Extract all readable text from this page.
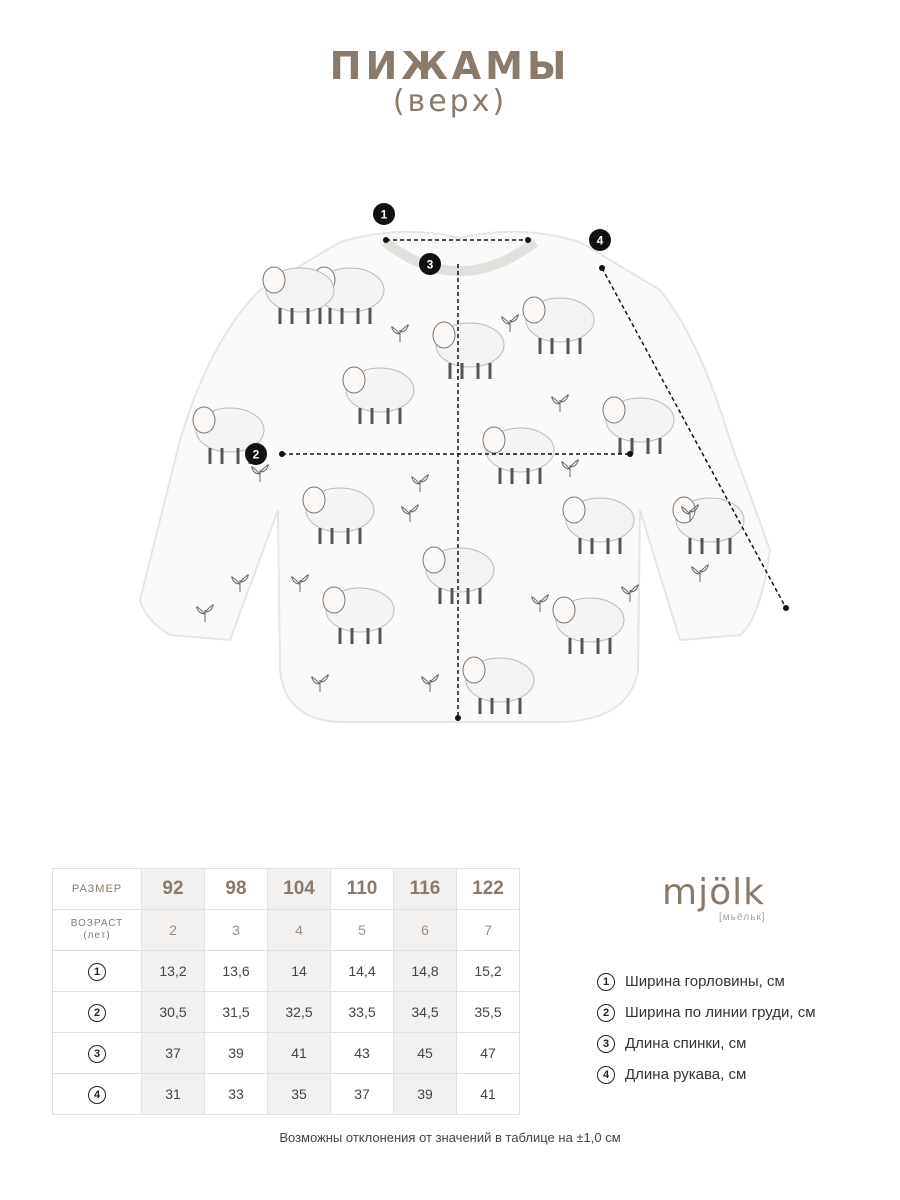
ПИЖАМЫ
(верх)
1
2
3
4
РАЗМЕР	92	98	104	110	116	122

ВОЗРАСТ
(лет)	2	3	4	5	6	7
1	13,2	13,6	14	14,4	14,8	15,2
2	30,5	31,5	32,5	33,5	34,5	35,5
3	37	39	41	43	45	47
4	31	33	35	37	39	41
mjölk
[мьёльк]
1	Ширина горловины, см
2	Ширина по линии груди, см
3	Длина спинки, см
4	Длина рукава, см
Возможны отклонения от значений в таблице на ±1,0 см
